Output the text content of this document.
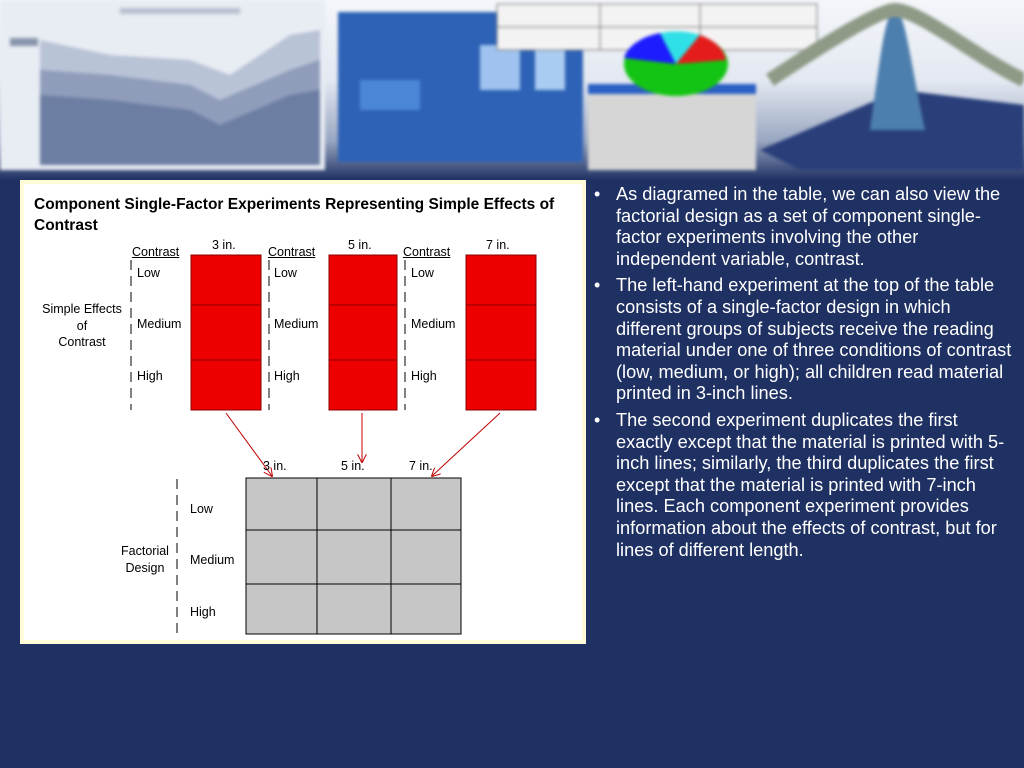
Component Single-Factor Experiments Representing Simple Effects of Contrast
Simple Effects
of
Contrast
Contrast	3 in.
Low
Medium
High
Contrast	5 in.
Low
Medium
High
Contrast	7 in.
Low
Medium
High
3 in.	5 in.	7 in.
Low
Medium
High
Factorial
Design
• As diagramed in the table, we can also view the factorial design as a set of component single-factor experiments involving the other independent variable, contrast.
• The left-hand experiment at the top of the table consists of a single-factor design in which different groups of subjects receive the reading material under one of three conditions of contrast (low, medium, or high); all children read material printed in 3-inch lines.
• The second experiment duplicates the first exactly except that the material is printed with 5-inch lines; similarly, the third duplicates the first except that the material is printed with 7-inch lines. Each component experiment provides information about the effects of contrast, but for lines of different length.
